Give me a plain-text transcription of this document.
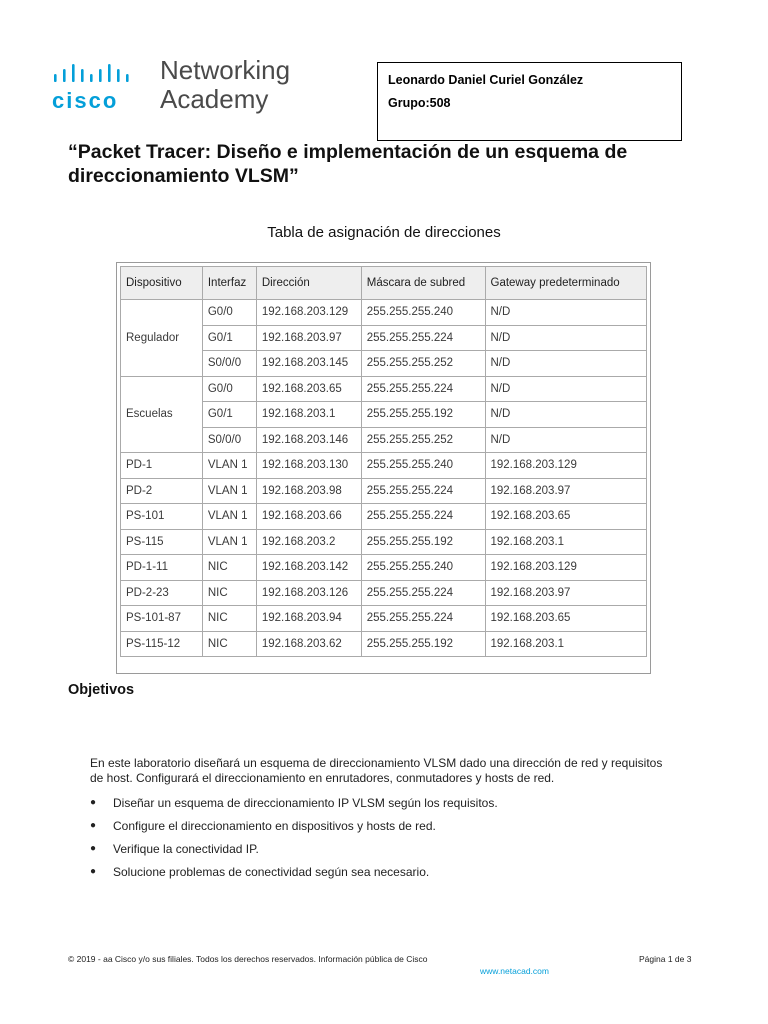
cisco
Networking
Academy
Leonardo Daniel Curiel González
Grupo:508
“Packet Tracer: Diseño e implementación de un esquema de
direccionamiento VLSM”
Tabla de asignación de direcciones
Dispositivo	Interfaz	Dirección	Máscara de subred	Gateway predeterminado
Regulador	G0/0	192.168.203.129	255.255.255.240	N/D
	G0/1	192.168.203.97	255.255.255.224	N/D
	S0/0/0	192.168.203.145	255.255.255.252	N/D
Escuelas	G0/0	192.168.203.65	255.255.255.224	N/D
	G0/1	192.168.203.1	255.255.255.192	N/D
	S0/0/0	192.168.203.146	255.255.255.252	N/D
PD-1	VLAN 1	192.168.203.130	255.255.255.240	192.168.203.129
PD-2	VLAN 1	192.168.203.98	255.255.255.224	192.168.203.97
PS-101	VLAN 1	192.168.203.66	255.255.255.224	192.168.203.65
PS-115	VLAN 1	192.168.203.2	255.255.255.192	192.168.203.1
PD-1-11	NIC	192.168.203.142	255.255.255.240	192.168.203.129
PD-2-23	NIC	192.168.203.126	255.255.255.224	192.168.203.97
PS-101-87	NIC	192.168.203.94	255.255.255.224	192.168.203.65
PS-115-12	NIC	192.168.203.62	255.255.255.192	192.168.203.1
Objetivos
En este laboratorio diseñará un esquema de direccionamiento VLSM dado una dirección de red y requisitos
de host. Configurará el direccionamiento en enrutadores, conmutadores y hosts de red.
● Diseñar un esquema de direccionamiento IP VLSM según los requisitos.
● Configure el direccionamiento en dispositivos y hosts de red.
● Verifique la conectividad IP.
● Solucione problemas de conectividad según sea necesario.
© 2019 - aa Cisco y/o sus filiales. Todos los derechos reservados. Información pública de Cisco	Página 1 de 3
www.netacad.com
